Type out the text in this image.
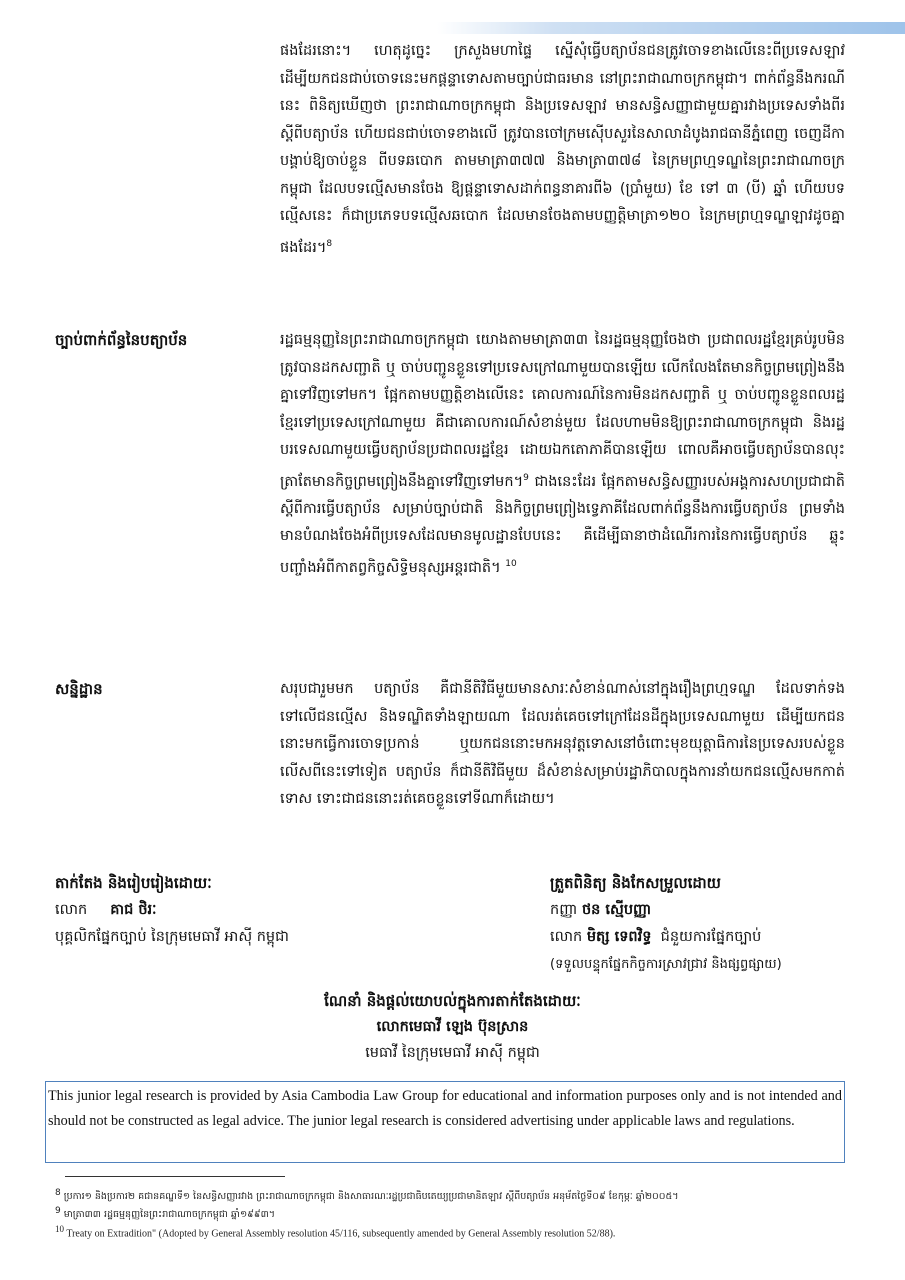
ផងដែរនោះ។ ហេតុដូច្នេះ ក្រសួងមហាផ្ទៃ ស្នើសុំធ្វើបត្យាប័នជនត្រូវចោទខាងលើនេះពីប្រទេសឡាវ ដើម្បីយកជនជាប់ចោទនេះមកផ្តន្ទាទោសតាមច្បាប់ជាធរមាន នៅព្រះរាជាណាចក្រកម្ពុជា។ ពាក់ព័ន្ធនឹងករណីនេះ ពិនិត្យឃើញថា ព្រះរាជាណាចក្រកម្ពុជា និងប្រទេសឡាវ មានសន្ធិសញ្ញាជាមួយគ្នារវាងប្រទេសទាំងពីរ ស្តីពីបត្យាប័ន ហើយជនជាប់ចោទខាងលើ ត្រូវបានចៅក្រមស៊ើបសួរនៃសាលាដំបូងរាជធានីភ្នំពេញ ចេញដីកាបង្គាប់ឱ្យចាប់ខ្លួន ពីបទឆបោក តាមមាត្រា៣៧៧ និងមាត្រា៣៧៨ នៃក្រមព្រហ្មទណ្ឌនៃព្រះរាជាណាចក្រកម្ពុជា ដែលបទល្មើសមានចែង ឱ្យផ្តន្ទាទោសដាក់ពន្ធនាគារពី៦ (ប្រាំមួយ) ខែ ទៅ ៣ (បី) ឆ្នាំ ហើយបទល្មើសនេះ ក៏ជាប្រភេទបទល្មើសឆបោក ដែលមានចែងតាមបញ្ញត្តិមាត្រា១២០ នៃក្រមព្រហ្មទណ្ឌឡាវដូចគ្នាផងដែរ។$^8$
ច្បាប់ពាក់ព័ន្ធនៃបត្យាប័ន	រដ្ឋធម្មនុញ្ញនៃព្រះរាជាណាចក្រកម្ពុជា យោងតាមមាត្រា៣៣ នៃរដ្ឋធម្មនុញ្ញចែងថា ប្រជាពលរដ្ឋខ្មែរគ្រប់រូបមិនត្រូវបានដកសញ្ជាតិ ឬ ចាប់បញ្ជូនខ្លួនទៅប្រទេសក្រៅណាមួយបានឡើយ លើកលែងតែមានកិច្ចព្រមព្រៀងនឹងគ្នាទៅវិញទៅមក។ ផ្អែកតាមបញ្ញត្តិខាងលើនេះ គោលការណ៍នៃការមិនដកសញ្ជាតិ ឬ ចាប់បញ្ជូនខ្លួនពលរដ្ឋខ្មែរទៅប្រទេសក្រៅណាមួយ គឺជាគោលការណ៍សំខាន់មួយ ដែលហាមមិនឱ្យព្រះរាជាណាចក្រកម្ពុជា និងរដ្ឋបរទេសណាមួយធ្វើបត្យាប័នប្រជាពលរដ្ឋខ្មែរ ដោយឯកតោភាគីបានឡើយ ពោលគឺអាចធ្វើបត្យាប័នបានលុះត្រាតែមានកិច្ចព្រមព្រៀងនឹងគ្នាទៅវិញទៅមក។$^9$ ជាងនេះដែរ ផ្អែកតាមសន្ធិសញ្ញារបស់អង្គការសហប្រជាជាតិ ស្តីពីការធ្វើបត្យាប័ន សម្រាប់ច្បាប់ជាតិ និងកិច្ចព្រមព្រៀងទ្វេភាគីដែលពាក់ព័ន្ធនឹងការធ្វើបត្យាប័ន ព្រមទាំងមានបំណងចែងអំពីប្រទេសដែលមានមូលដ្ឋានបែបនេះ គឺដើម្បីធានាថាដំណើរការនៃការធ្វើបត្យាប័ន ឆ្លុះបញ្ចាំងអំពីកាតព្វកិច្ចសិទ្ធិមនុស្សអន្តរជាតិ។ $^{10}$
សន្និដ្ឋាន	សរុបជារួមមក បត្យាប័ន គឺជានីតិវិធីមួយមានសារៈសំខាន់ណាស់នៅក្នុងរឿងព្រហ្មទណ្ឌ ដែលទាក់ទងទៅលើជនល្មើស និងទណ្ឌិតទាំងឡាយណា ដែលរត់គេចទៅក្រៅដែនដីក្នុងប្រទេសណាមួយ ដើម្បីយកជននោះមកធ្វើការចោទប្រកាន់ ឬយកជននោះមកអនុវត្តទោសនៅចំពោះមុខយុត្តាធិការនៃប្រទេសរបស់ខ្លួន លើសពីនេះទៅទៀត បត្យាប័ន ក៏ជានីតិវិធីមួយ ដ៏សំខាន់សម្រាប់រដ្ឋាភិបាលក្នុងការនាំយកជនល្មើសមកកាត់ទោស ទោះជាជននោះរត់គេចខ្លួនទៅទីណាក៏ដោយ។
តាក់តែង និងរៀបរៀងដោយៈ
លោក គាជ ថិរៈ
បុគ្គលិកផ្នែកច្បាប់ នៃក្រុមមេធាវី អាស៊ី កម្ពុជា
ត្រួតពិនិត្យ និងកែសម្រួលដោយ
កញ្ញា ថន ស្មើបញ្ញា
លោក មិត្ស ទេពវិទ្ធ ជំនួយការផ្នែកច្បាប់
(ទទួលបន្ទុកផ្នែកកិច្ចការស្រាវជ្រាវ និងផ្សព្វផ្សាយ)
ណែនាំ និងផ្តល់យោបល់ក្នុងការតាក់តែងដោយៈ
លោកមេធាវី ឡេង ប៊ុនស្រាន
មេធាវី នៃក្រុមមេធាវី អាស៊ី កម្ពុជា
This junior legal research is provided by Asia Cambodia Law Group for educational and information purposes only and is not intended and should not be constructed as legal advice. The junior legal research is considered advertising under applicable laws and regulations.
$^8$ ប្រការ១ និងប្រការ២ គជានគណ្ឌទី១ នៃសន្ធិសញ្ញារវាង ព្រះរាជាណាចក្រកម្ពុជា និងសាធារណៈរដ្ឋប្រជាធិបតេយ្យប្រជាមានិតឡាវ ស្តីពីបត្យាប័ន អនុម័តថ្ងៃទី០៩ ខែកុម្ភៈ ឆ្នាំ២០០៥។
$^9$ មាត្រា៣៣ រដ្ឋធម្មនុញ្ញនៃព្រះរាជាណាចក្រកម្ពុជា ឆ្នាំ១៩៩៣។
$^{10}$ Treaty on Extradition" (Adopted by General Assembly resolution 45/116, subsequently amended by General Assembly resolution 52/88).
